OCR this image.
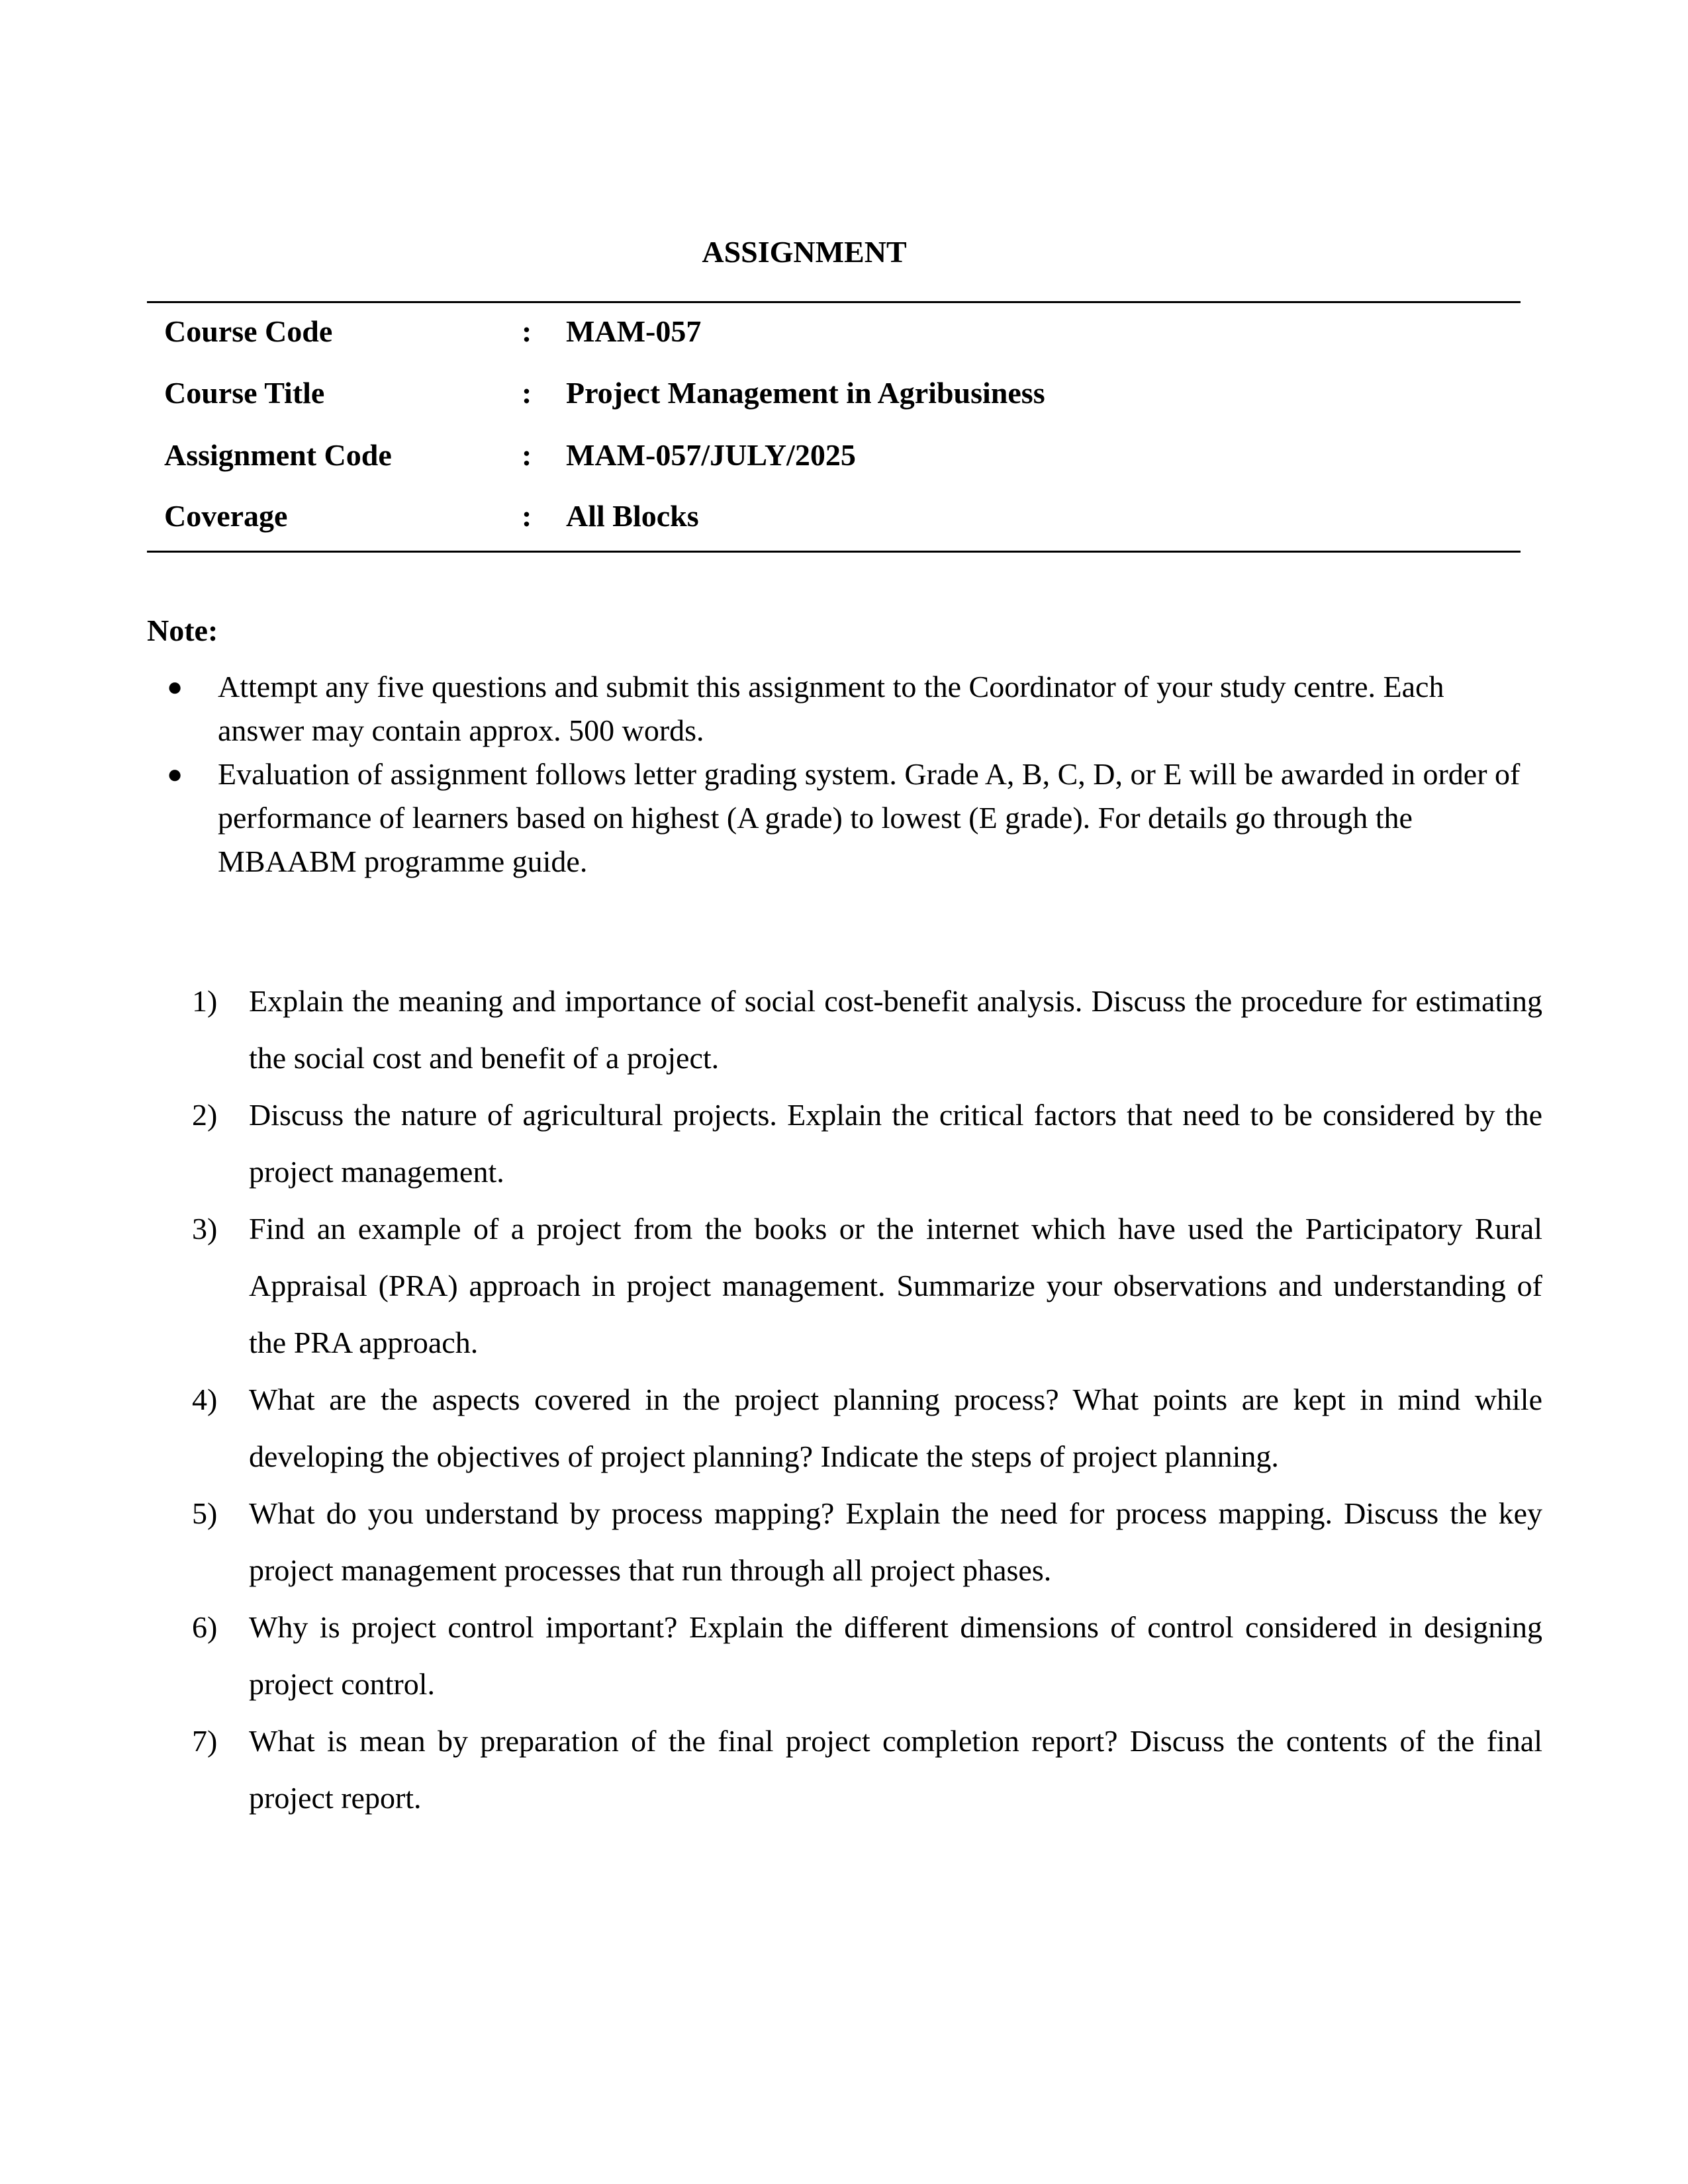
ASSIGNMENT
Course Code	: MAM-057
Course Title	: Project Management in Agribusiness
Assignment Code	: MAM-057/JULY/2025
Coverage	: All Blocks
Note:
● Attempt any five questions and submit this assignment to the Coordinator of your study centre. Each answer may contain approx. 500 words.
● Evaluation of assignment follows letter grading system. Grade A, B, C, D, or E will be awarded in order of performance of learners based on highest (A grade) to lowest (E grade). For details go through the MBAABM programme guide.
1) Explain the meaning and importance of social cost-benefit analysis. Discuss the procedure for estimating the social cost and benefit of a project.
2) Discuss the nature of agricultural projects. Explain the critical factors that need to be considered by the project management.
3) Find an example of a project from the books or the internet which have used the Participatory Rural Appraisal (PRA) approach in project management. Summarize your observations and understanding of the PRA approach.
4) What are the aspects covered in the project planning process? What points are kept in mind while developing the objectives of project planning? Indicate the steps of project planning.
5) What do you understand by process mapping? Explain the need for process mapping. Discuss the key project management processes that run through all project phases.
6) Why is project control important? Explain the different dimensions of control considered in designing project control.
7) What is mean by preparation of the final project completion report? Discuss the contents of the final project report.
